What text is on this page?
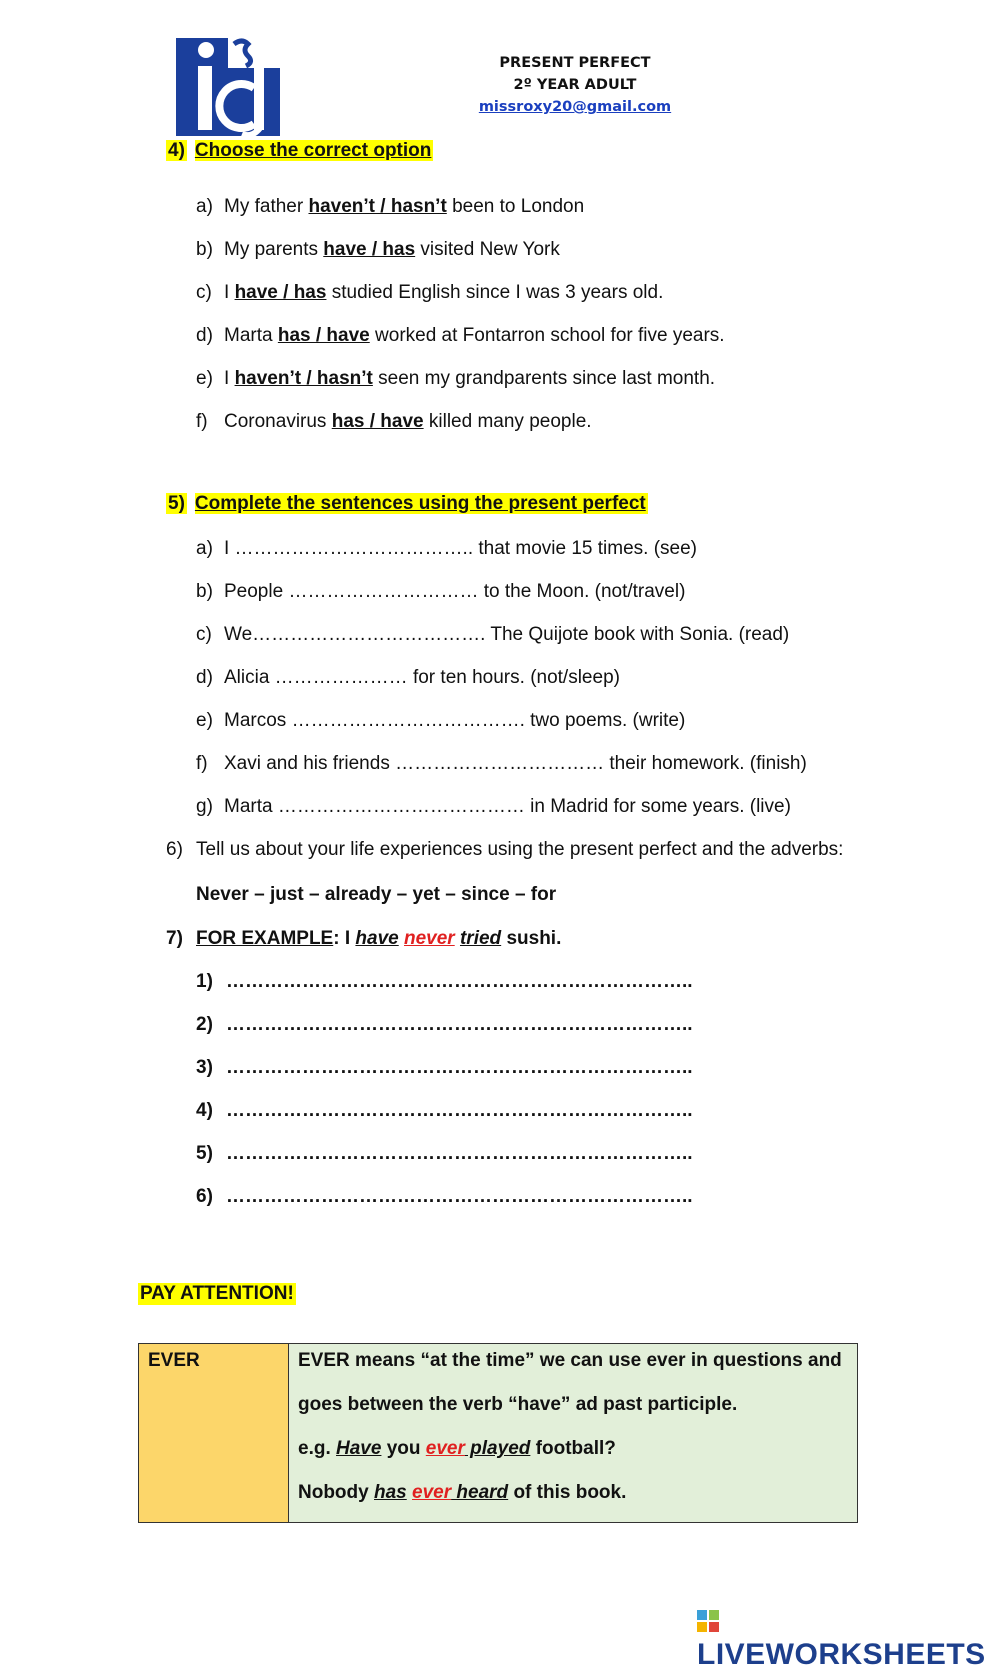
PRESENT PERFECT
2º YEAR ADULT
missroxy20@gmail.com
4) Choose the correct option
a) My father haven’t / hasn’t been to London
b) My parents have / has visited New York
c) I have / has studied English since I was 3 years old.
d) Marta has / have worked at Fontarron school for five years.
e) I haven’t / hasn’t seen my grandparents since last month.
f) Coronavirus has / have killed many people.
5) Complete the sentences using the present perfect
a) I ……………………………….. that movie 15 times. (see)
b) People ………………………… to the Moon. (not/travel)
c) We………………………………. The Quijote book with Sonia. (read)
d) Alicia ………………… for ten hours. (not/sleep)
e) Marcos ………………………………. two poems. (write)
f) Xavi and his friends …………………………… their homework. (finish)
g) Marta ………………………………… in Madrid for some years. (live)
6) Tell us about your life experiences using the present perfect and the adverbs:
Never – just – already – yet – since – for
7) FOR EXAMPLE: I have never tried sushi.
1) ………………………………………………………………..
2) ………………………………………………………………..
3) ………………………………………………………………..
4) ………………………………………………………………..
5) ………………………………………………………………..
6) ………………………………………………………………..
PAY ATTENTION!
EVER	EVER means “at the time” we can use ever in questions and
goes between the verb “have” ad past participle.
e.g. Have you ever played football?
Nobody has ever heard of this book.
LIVEWORKSHEETS
